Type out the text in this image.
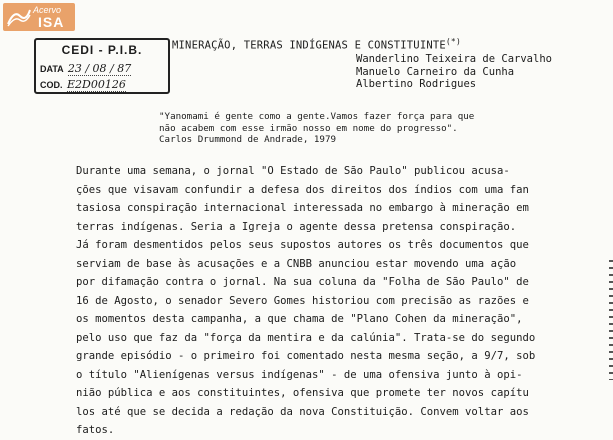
Acervo
ISA
CEDI - P.I.B.
DATA 23 / 08 / 87
COD. E2D00126
MINERAÇÃO, TERRAS INDÍGENAS E CONSTITUINTE(*)
Wanderlino Teixeira de Carvalho
Manuelo Carneiro da Cunha
Albertino Rodrigues
"Yanomami é gente como a gente.Vamos fazer força para que
não acabem com esse irmão nosso em nome do progresso".
Carlos Drummond de Andrade, 1979
Durante uma semana, o jornal "O Estado de São Paulo" publicou acusa-
ções que visavam confundir a defesa dos direitos dos índios com uma fan
tasiosa conspiração internacional interessada no embargo à mineração em
terras indígenas. Seria a Igreja o agente dessa pretensa conspiração.
Já foram desmentidos pelos seus supostos autores os três documentos que
serviam de base às acusações e a CNBB anunciou estar movendo uma ação
por difamação contra o jornal. Na sua coluna da "Folha de São Paulo" de
16 de Agosto, o senador Severo Gomes historiou com precisão as razões e
os momentos desta campanha, a que chama de "Plano Cohen da mineração",
pelo uso que faz da "força da mentira e da calúnia". Trata-se do segundo
grande episódio - o primeiro foi comentado nesta mesma seção, a 9/7, sob
o título "Alienígenas versus indígenas" - de uma ofensiva junto à opi-
nião pública e aos constituintes, ofensiva que promete ter novos capítu
los até que se decida a redação da nova Constituição. Convem voltar aos
fatos.
